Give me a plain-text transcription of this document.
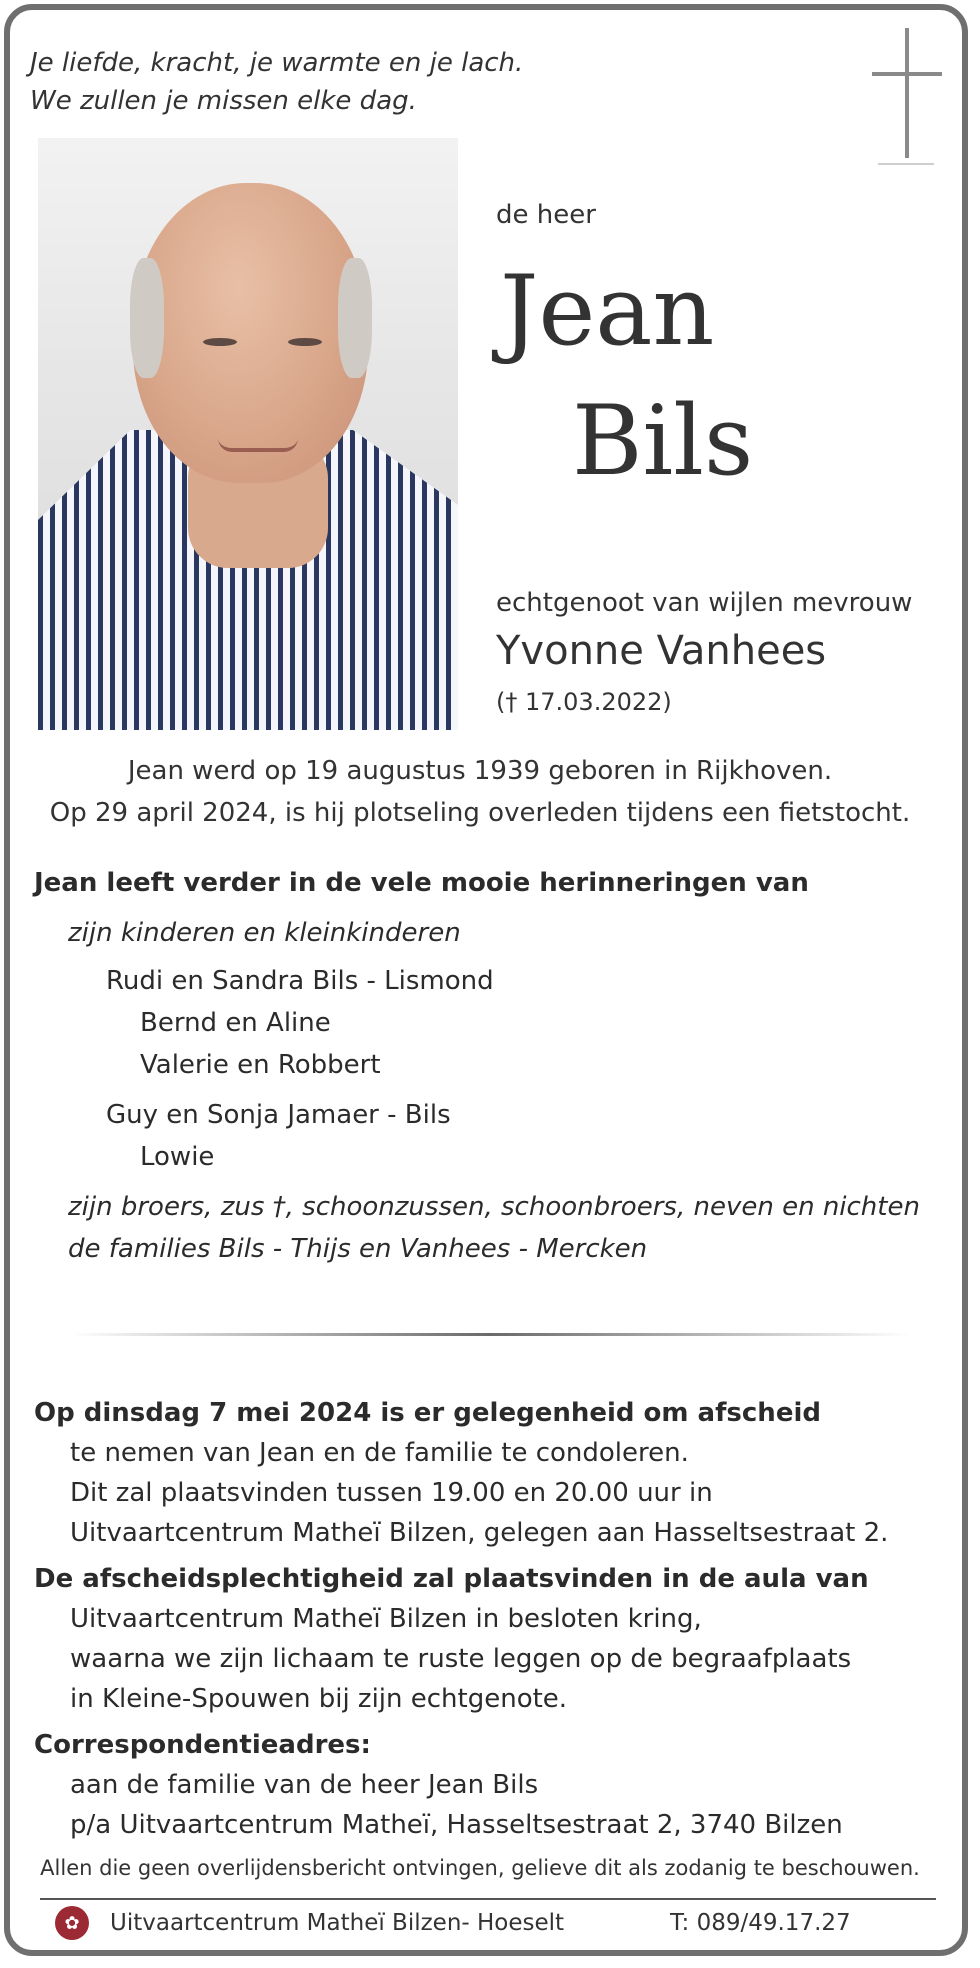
Je liefde, kracht, je warmte en je lach.
We zullen je missen elke dag.
de heer
Jean
Bils
echtgenoot van wijlen mevrouw
Yvonne Vanhees
(† 17.03.2022)
Jean werd op 19 augustus 1939 geboren in Rijkhoven.
Op 29 april 2024, is hij plotseling overleden tijdens een fietstocht.
Jean leeft verder in de vele mooie herinneringen van
zijn kinderen en kleinkinderen
Rudi en Sandra Bils - Lismond
Bernd en Aline
Valerie en Robbert
Guy en Sonja Jamaer - Bils
Lowie
zijn broers, zus †, schoonzussen, schoonbroers, neven en nichten
de families Bils - Thijs en Vanhees - Mercken
Op dinsdag 7 mei 2024 is er gelegenheid om afscheid
te nemen van Jean en de familie te condoleren.
Dit zal plaatsvinden tussen 19.00 en 20.00 uur in
Uitvaartcentrum Matheï Bilzen, gelegen aan Hasseltsestraat 2.
De afscheidsplechtigheid zal plaatsvinden in de aula van
Uitvaartcentrum Matheï Bilzen in besloten kring,
waarna we zijn lichaam te ruste leggen op de begraafplaats
in Kleine-Spouwen bij zijn echtgenote.
Correspondentieadres:
aan de familie van de heer Jean Bils
p/a Uitvaartcentrum Matheï, Hasseltsestraat 2, 3740 Bilzen
Allen die geen overlijdensbericht ontvingen, gelieve dit als zodanig te beschouwen.
✿	Uitvaartcentrum Matheï Bilzen- Hoeselt	T: 089/49.17.27
